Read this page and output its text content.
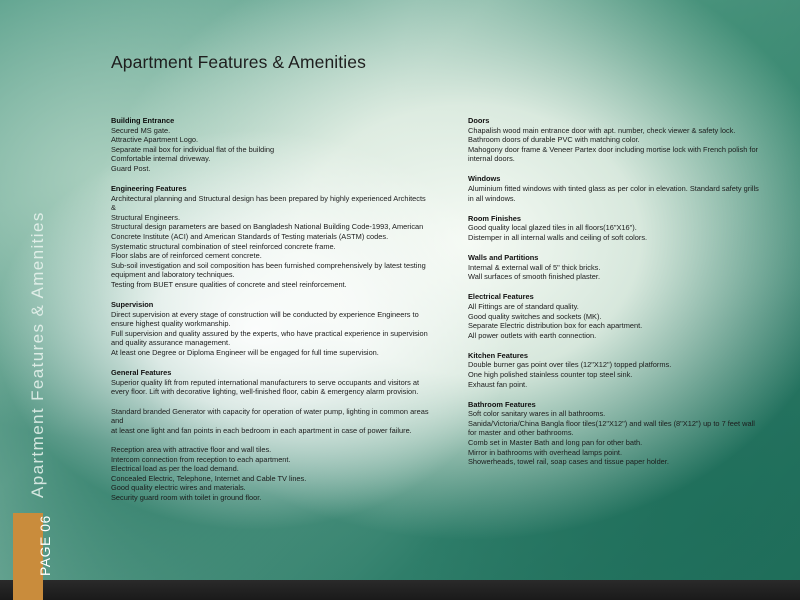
Apartment Features & Amenities
Apartment Features & Amenities
PAGE 06
Building Entrance
Secured MS gate.
Attractive Apartment Logo.
Separate mail box for individual flat of the building
Comfortable internal driveway.
Guard Post.
Engineering Features
Architectural planning and Structural design has been prepared by highly experienced Architects &
Structural Engineers.
Structural design parameters are based on Bangladesh National Building Code-1993, American
Concrete Institute (ACI) and American Standards of Testing materials (ASTM) codes.
Systematic structural combination of steel reinforced concrete frame.
Floor slabs are of reinforced cement concrete.
Sub-soil investigation and soil composition has been furnished comprehensively by latest testing
equipment and laboratory techniques.
Testing from BUET ensure qualities of concrete and steel reinforcement.
Supervision
Direct supervision at every stage of construction will be conducted by experience Engineers to
ensure highest quality workmanship.
Full supervision and quality assured by the experts, who have practical experience in supervision
and quality assurance management.
At least one Degree or Diploma Engineer will be engaged for full time supervision.
General Features
Superior quality lift from reputed international manufacturers to serve occupants and visitors at
every floor. Lift with decorative lighting, well-finished floor, cabin & emergency alarm provision.

Standard branded Generator with capacity for operation of water pump, lighting in common areas and
at least one light and fan points in each bedroom in each apartment in case of power failure.

Reception area with attractive floor and wall tiles.
Intercom connection from reception to each apartment.
Electrical load as per the load demand.
Concealed Electric, Telephone, Internet and Cable TV lines.
Good quality electric wires and materials.
Security guard room with toilet in ground floor.
Doors
Chapalish wood main entrance door with apt. number, check viewer & safety lock.
Bathroom doors of durable PVC with matching color.
Mahogony door frame & Veneer Partex door including mortise lock with French polish for
internal doors.
Windows
Aluminium fitted windows with tinted glass as per color in elevation. Standard safety grills
in all windows.
Room Finishes
Good quality local glazed tiles in all floors(16"X16").
Distemper in all internal walls and ceiling of soft colors.
Walls and Partitions
Internal & external wall of 5" thick bricks.
Wall surfaces of smooth finished plaster.
Electrical Features
All Fittings are of standard quality.
Good quality switches and sockets (MK).
Separate Electric distribution box for each apartment.
All power outlets with earth connection.
Kitchen Features
Double burner gas point over tiles (12"X12") topped platforms.
One high polished stainless counter top steel sink.
Exhaust fan point.
Bathroom Features
Soft color sanitary wares in all bathrooms.
Sanida/Victoria/China Bangla floor tiles(12"X12") and wall tiles (8"X12") up to 7 feet wall
for master and other bathrooms.
Comb set in Master Bath and long pan for other bath.
Mirror in bathrooms with overhead lamps point.
Showerheads, towel rail, soap cases and tissue paper holder.
